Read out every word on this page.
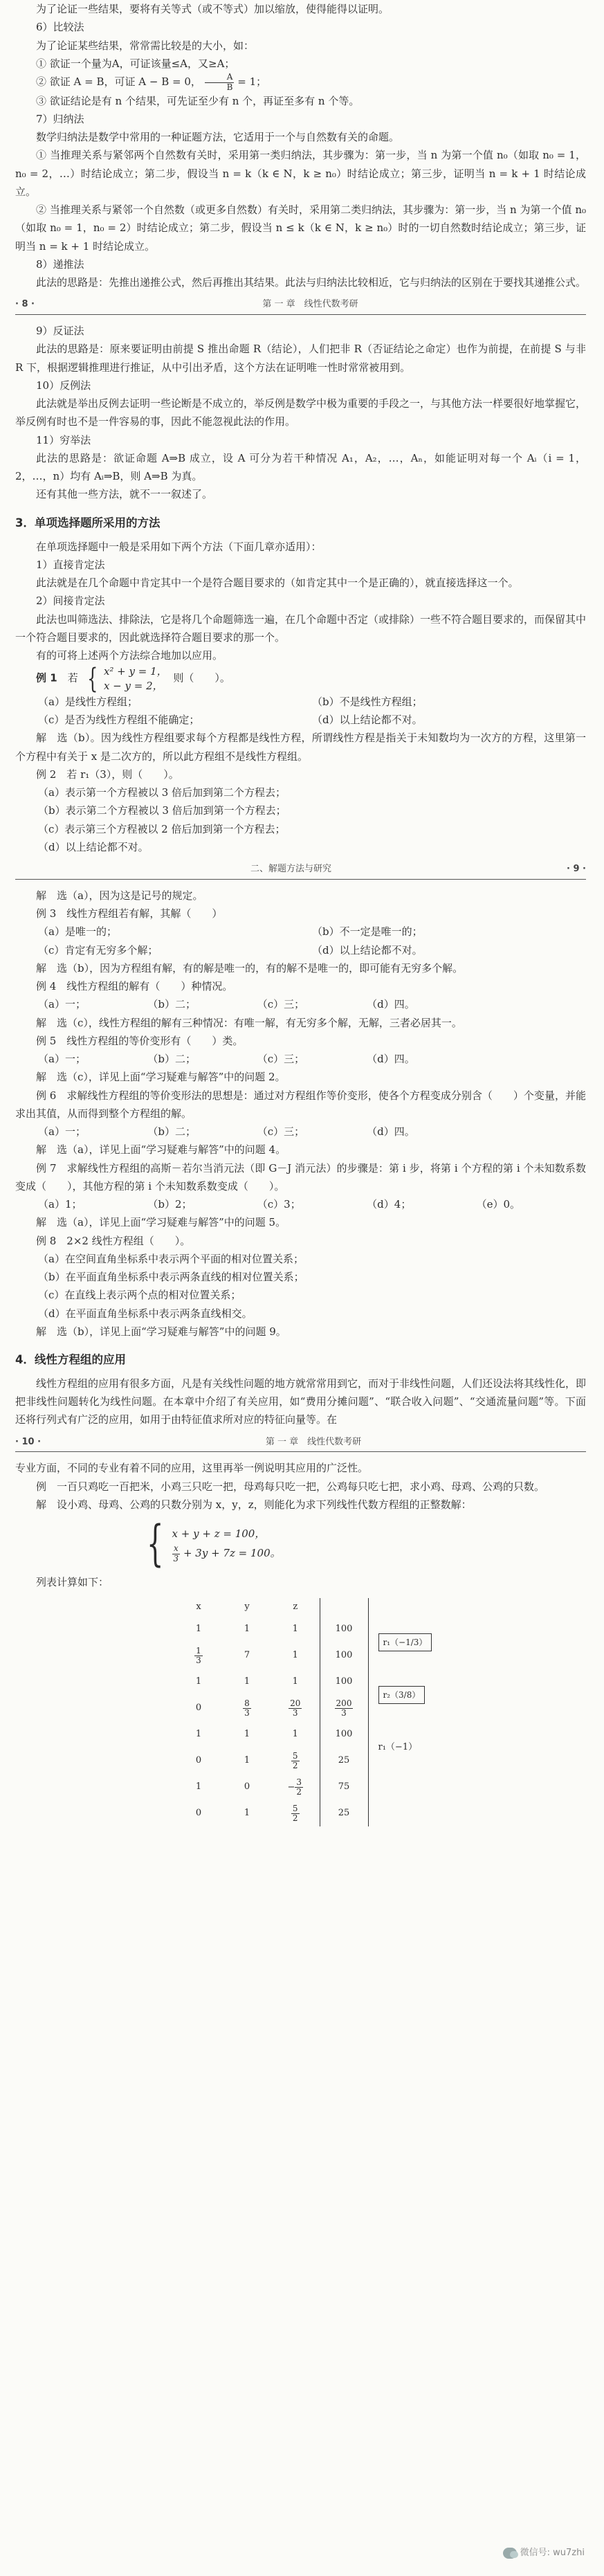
为了论证一些结果，要将有关等式（或不等式）加以缩放，使得能得以证明。

6）比较法

为了论证某些结果，常常需比较是的大小，如：

① 欲证一个量为A，可证该量≤A，又≥A；

② 欲证 A = B，可证 A − B = 0， $\frac{A}{B} = 1$；

③ 欲证结论是有 n 个结果，可先证至少有 n 个，再证至多有 n 个等。

7）归纳法

数学归纳法是数学中常用的一种证题方法，它适用于一个与自然数有关的命题。

① 当推理关系与紧邻两个自然数有关时，采用第一类归纳法，其步骤为：第一步，当 n 为第一个值 n₀（如取 n₀ = 1，n₀ = 2，…）时结论成立；第二步，假设当 n = k（k ∈ N，k ≥ n₀）时结论成立；第三步，证明当 n = k + 1 时结论成立。

② 当推理关系与紧邻一个自然数（或更多自然数）有关时，采用第二类归纳法，其步骤为：第一步，当 n 为第一个值 n₀（如取 n₀ = 1，n₀ = 2）时结论成立；第二步，假设当 n ≤ k（k ∈ N，k ≥ n₀）时的一切自然数时结论成立；第三步，证明当 n = k + 1 时结论成立。

8）递推法

此法的思路是：先推出递推公式，然后再推出其结果。此法与归纳法比较相近，它与归纳法的区别在于要找其递推公式。

· 8 ·	第 一 章　线性代数考研

9）反证法

此法的思路是：原来要证明由前提 S 推出命题 R（结论），人们把非 R（否证结论之命定）也作为前提，在前提 S 与非 R 下，根据逻辑推理进行推证，从中引出矛盾，这个方法在证明唯一性时常常被用到。

10）反例法

此法就是举出反例去证明一些论断是不成立的，举反例是数学中极为重要的手段之一，与其他方法一样要很好地掌握它，举反例有时也不是一件容易的事，因此不能忽视此法的作用。

11）穷举法

此法的思路是：欲证命题 A⇒B 成立，设 A 可分为若干种情况 A₁，A₂，…，Aₙ，如能证明对每一个 Aᵢ（i = 1，2，…，n）均有 Aᵢ⇒B，则 A⇒B 为真。

还有其他一些方法，就不一一叙述了。

3．单项选择题所采用的方法

在单项选择题中一般是采用如下两个方法（下面几章亦适用）：

1）直接肯定法

此法就是在几个命题中肯定其中一个是符合题目要求的（如肯定其中一个是正确的），就直接选择这一个。

2）间接肯定法

此法也叫筛选法、排除法，它是将几个命题筛选一遍，在几个命题中否定（或排除）一些不符合题目要求的，而保留其中一个符合题目要求的，因此就选择符合题目要求的那一个。

有的可将上述两个方法综合地加以应用。

例 1　 若 { x² + y = 1，
x − y = 2，
则（　　）。

（a）是线性方程组；	（b）不是线性方程组；
（c）是否为线性方程组不能确定；	（d）以上结论都不对。

解　选（b）。因为线性方程组要求每个方程都是线性方程，所谓线性方程是指关于未知数均为一次方的方程，这里第一个方程中有关于 x 是二次方的，所以此方程组不是线性方程组。

例 2　若 r₁（3），则（　　）。

（a）表示第一个方程被以 3 倍后加到第二个方程去；

（b）表示第二个方程被以 3 倍后加到第一个方程去；

（c）表示第三个方程被以 2 倍后加到第一个方程去；

（d）以上结论都不对。

二、解题方法与研究	· 9 ·

解　选（a），因为这是记号的规定。

例 3　线性方程组若有解，其解（　　）

（a）是唯一的；	（b）不一定是唯一的；
（c）肯定有无穷多个解；	（d）以上结论都不对。

解　选（b），因为方程组有解，有的解是唯一的，有的解不是唯一的，即可能有无穷多个解。

例 4　线性方程组的解有（　　）种情况。

（a）一；	（b）二；	（c）三；	（d）四。

解　选（c），线性方程组的解有三种情况：有唯一解，有无穷多个解，无解，三者必居其一。

例 5　线性方程组的等价变形有（　　）类。

（a）一；	（b）二；	（c）三；	（d）四。

解　选（c），详见上面“学习疑难与解答”中的问题 2。

例 6　求解线性方程组的等价变形法的思想是：通过对方程组作等价变形，使各个方程变成分别含（　　）个变量，并能求出其值，从而得到整个方程组的解。

（a）一；	（b）二；	（c）三；	（d）四。

解　选（a），详见上面“学习疑难与解答”中的问题 4。

例 7　求解线性方程组的高斯－若尔当消元法（即 G－J 消元法）的步骤是：第 i 步，将第 i 个方程的第 i 个未知数系数变成（　　），其他方程的第 i 个未知数系数变成（　　）。

（a）1；	（b）2；	（c）3；	（d）4；	（e）0。

解　选（a），详见上面“学习疑难与解答”中的问题 5。

例 8　2×2 线性方程组（　　）。

（a）在空间直角坐标系中表示两个平面的相对位置关系；

（b）在平面直角坐标系中表示两条直线的相对位置关系；

（c）在直线上表示两个点的相对位置关系；

（d）在平面直角坐标系中表示两条直线相交。

解　选（b），详见上面“学习疑难与解答”中的问题 9。

4．线性方程组的应用

线性方程组的应用有很多方面，凡是有关线性问题的地方就常常用到它，而对于非线性问题，人们还设法将其线性化，即把非线性问题转化为线性问题。在本章中介绍了有关应用，如“费用分摊问题”、“联合收入问题”、“交通流量问题”等。下面还将行列式有广泛的应用，如用于由特征值求所对应的特征向量等。在

· 10 ·	第 一 章　线性代数考研

专业方面，不同的专业有着不同的应用，这里再举一例说明其应用的广泛性。

例　一百只鸡吃一百把米，小鸡三只吃一把，母鸡每只吃一把，公鸡每只吃七把，求小鸡、母鸡、公鸡的只数。

解　设小鸡、母鸡、公鸡的只数分别为 x，y，z，则能化为求下列线性代数方程组的正整数解：

{ x + y + z = 100，
$\frac{x}{3} + 3y + 7z = 100$。

列表计算如下：

x	y	z		
1	1	1	100	r₁（−1/3）

$\frac{1}{3}$	7	1	100	
1	1	1	100	r₂（3/8）

0	$\frac{8}{3}$	$\frac{20}{3}$	$\frac{200}{3}$

1	1	1	100	r₁（−1）
0	1	$\frac{5}{2}$	25	
1	0	− $\frac{3}{2}$	75	
0	1	$\frac{5}{2}$	25	
微信号: wu7zhi
